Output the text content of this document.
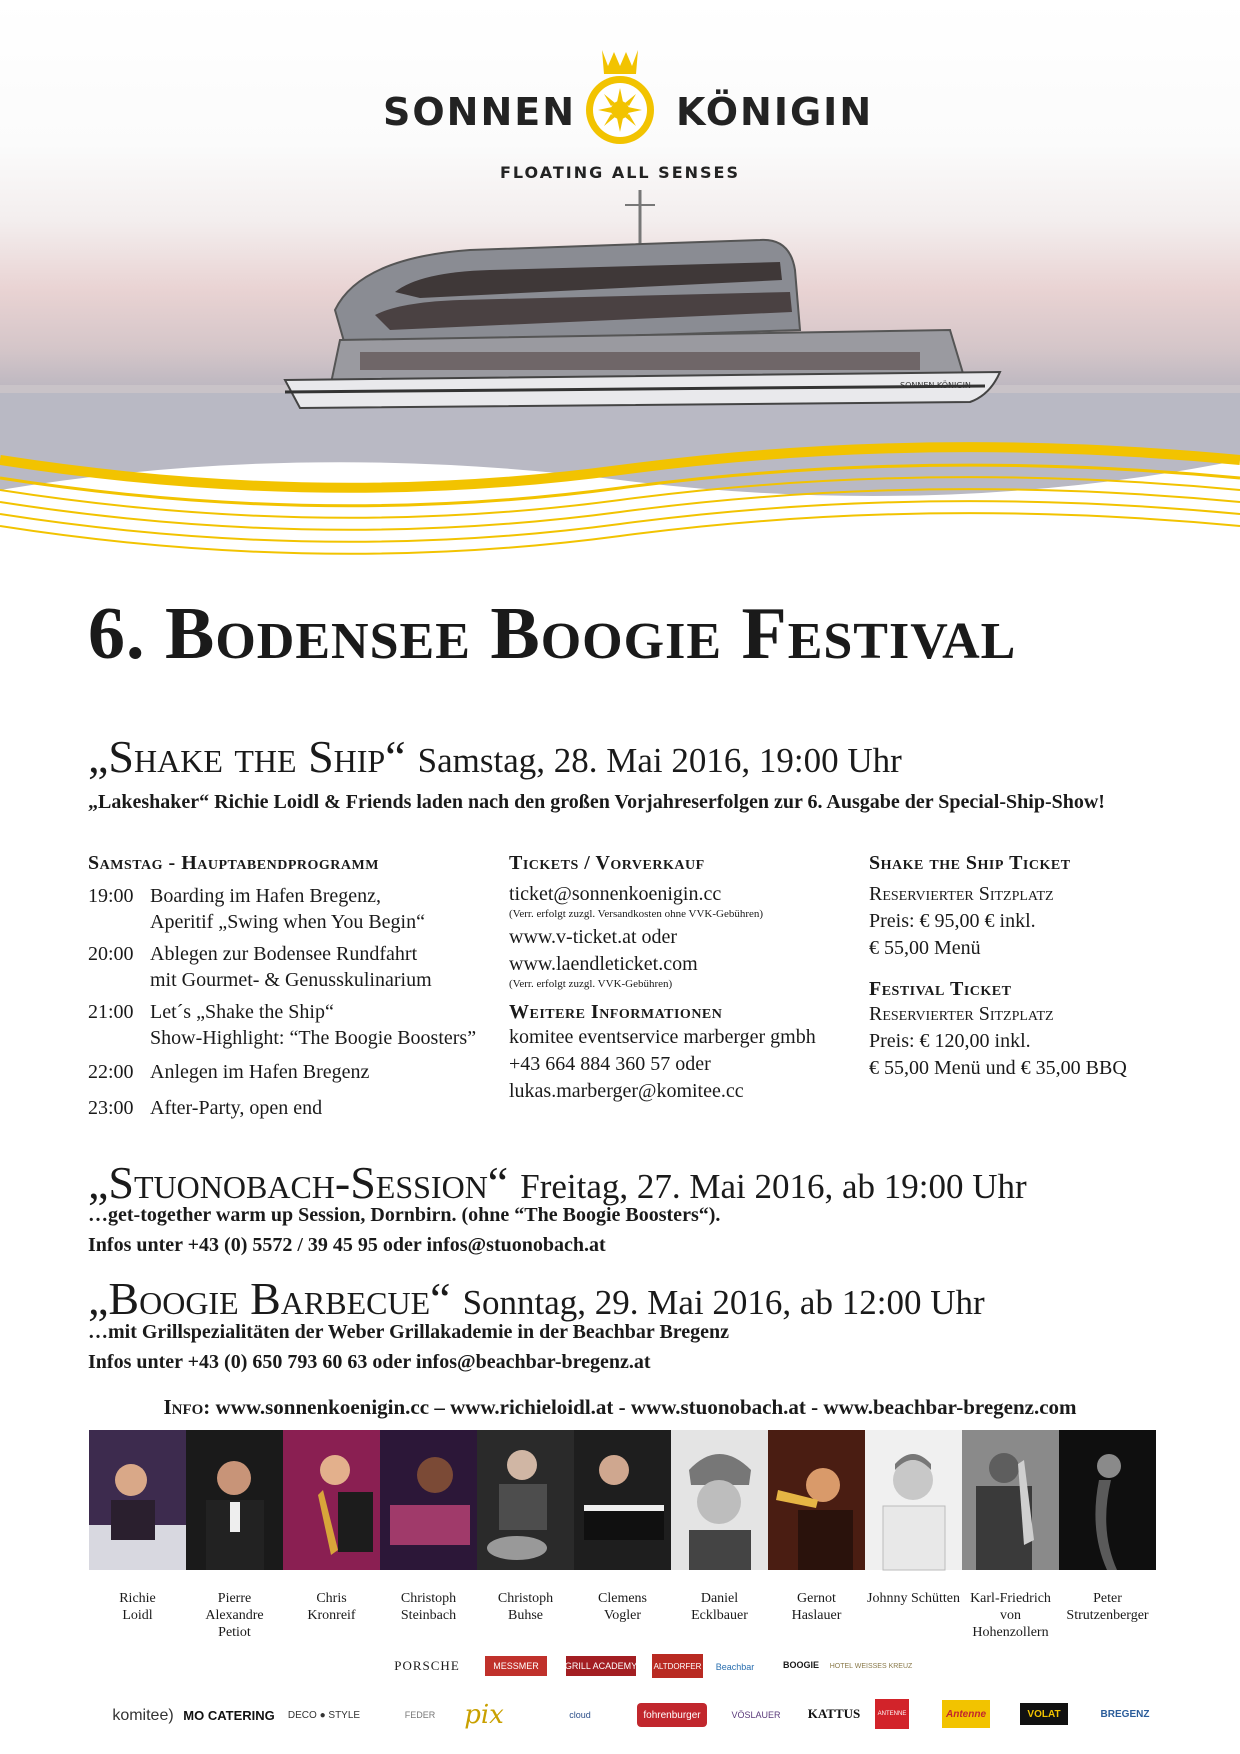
SONNEN KÖNIGIN
SONNEN	KÖNIGIN
FLOATING ALL SENSES
6. Bodensee Boogie Festival
„Shake the Ship“ Samstag, 28. Mai 2016, 19:00 Uhr
„Lakeshaker“ Richie Loidl & Friends laden nach den großen Vorjahreserfolgen zur 6. Ausgabe der Special-Ship-Show!
Samstag - Hauptabendprogramm
19:00 Boarding im Hafen Bregenz,
Aperitif „Swing when You Begin“
20:00 Ablegen zur Bodensee Rundfahrt
mit Gourmet- & Genusskulinarium
21:00 Let´s „Shake the Ship“
Show-Highlight: “The Boogie Boosters”
22:00 Anlegen im Hafen Bregenz
23:00 After-Party, open end
Tickets / Vorverkauf
ticket@sonnenkoenigin.cc
(Verr. erfolgt zuzgl. Versandkosten ohne VVK-Gebühren)
www.v-ticket.at oder
www.laendleticket.com
(Verr. erfolgt zuzgl. VVK-Gebühren)
Weitere Informationen
komitee eventservice marberger gmbh
+43 664 884 360 57 oder
lukas.marberger@komitee.cc
Shake the Ship Ticket
Reservierter Sitzplatz
Preis: € 95,00 € inkl.
€ 55,00 Menü
Festival Ticket
Reservierter Sitzplatz
Preis: € 120,00 inkl.
€ 55,00 Menü und € 35,00 BBQ
„Stuonobach-Session“ Freitag, 27. Mai 2016, ab 19:00 Uhr
…get-together warm up Session, Dornbirn. (ohne “The Boogie Boosters“).
Infos unter +43 (0) 5572 / 39 45 95 oder infos@stuonobach.at
„Boogie Barbecue“ Sonntag, 29. Mai 2016, ab 12:00 Uhr
…mit Grillspezialitäten der Weber Grillakademie in der Beachbar Bregenz
Infos unter +43 (0) 650 793 60 63 oder infos@beachbar-bregenz.at
Info: www.sonnenkoenigin.cc – www.richieloidl.at - www.stuonobach.at - www.beachbar-bregenz.com
Richie
Loidl
Pierre
Alexandre
Petiot
Chris
Kronreif
Christoph
Steinbach
Christoph
Buhse
Clemens
Vogler
Daniel
Ecklbauer
Gernot
Haslauer
Johnny Schütten Karl-Friedrich
von
Hohenzollern
Peter
Strutzenberger
PORSCHE	MESSMER	GRILL ACADEMY ALTDORFER	Beachbar	BOOGIE	HOTEL WEISSES KREUZ
komitee) MO CATERING DECO ● STYLE	FEDER	pix	cloud	fohrenburger	VÖSLAUER	KATTUS	ANTENNE	Antenne	VOLAT	BREGENZ
